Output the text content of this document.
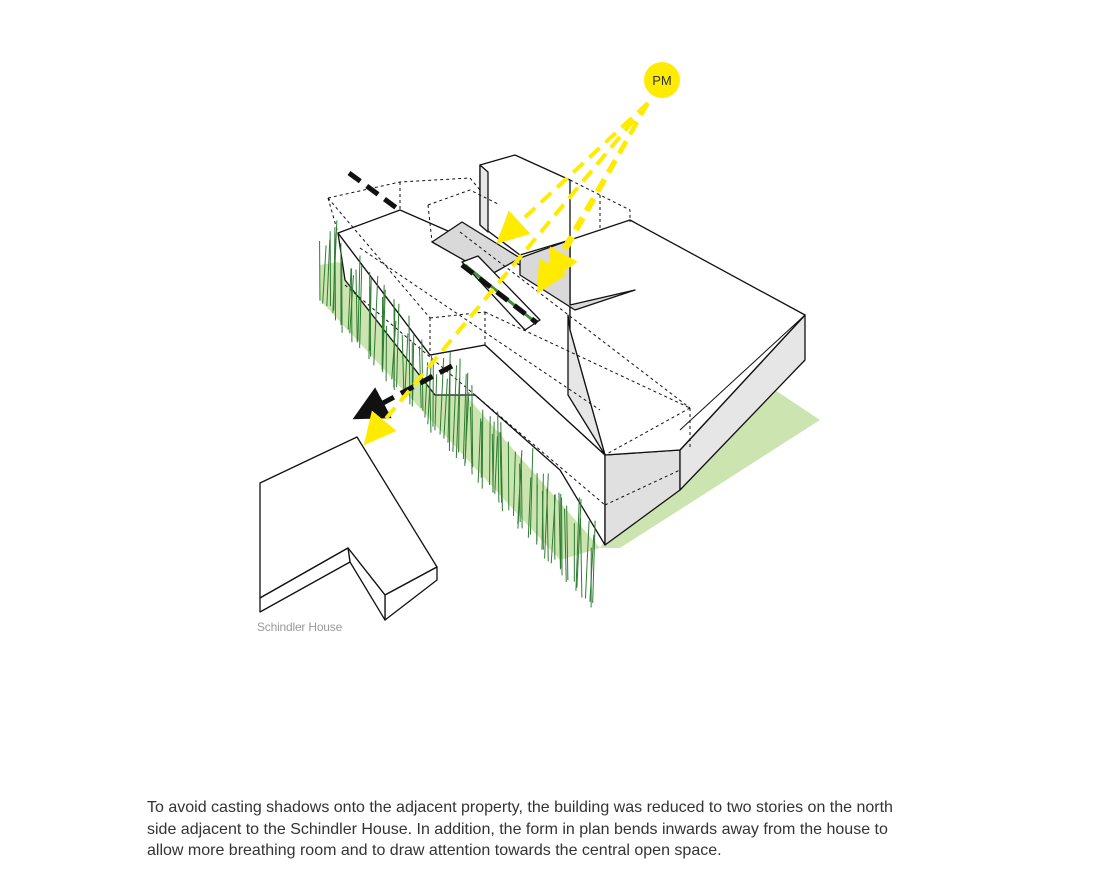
PM
Schindler House
To avoid casting shadows onto the adjacent property, the building was reduced to two stories on the north
side adjacent to the Schindler House. In addition, the form in plan bends inwards away from the house to
allow more breathing room and to draw attention towards the central open space.
